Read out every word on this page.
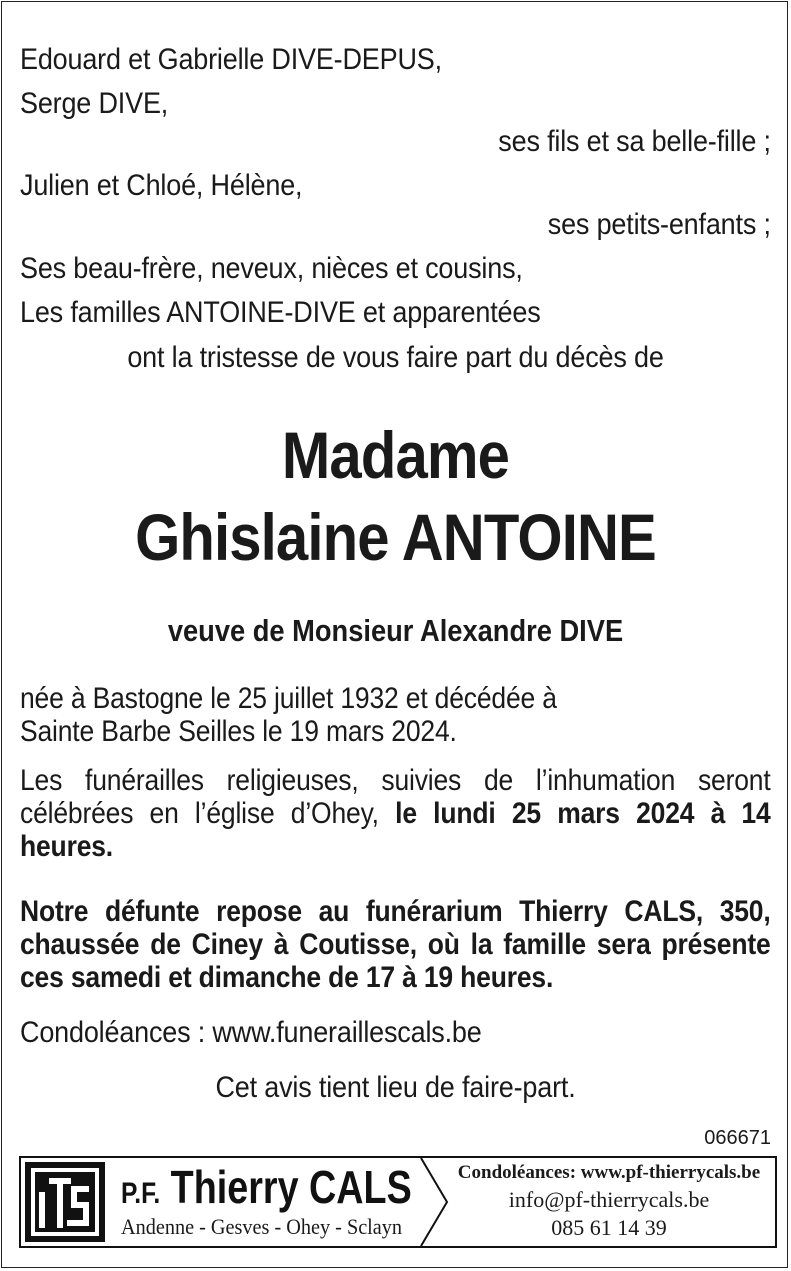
Edouard et Gabrielle DIVE-DEPUS,
Serge DIVE,
ses fils et sa belle-fille ;
Julien et Chloé, Hélène,
ses petits-enfants ;
Ses beau-frère, neveux, nièces et cousins,
Les familles ANTOINE-DIVE et apparentées
ont la tristesse de vous faire part du décès de
Madame
Ghislaine ANTOINE
veuve de Monsieur Alexandre DIVE
née à Bastogne le 25 juillet 1932 et décédée à
Sainte Barbe Seilles le 19 mars 2024.
Les funérailles religieuses, suivies de l’inhumation seront célébrées en l’église d’Ohey, le lundi 25 mars 2024 à 14 heures.
Notre défunte repose au funérarium Thierry CALS, 350, chaussée de Ciney à Coutisse, où la famille sera présente ces samedi et dimanche de 17 à 19 heures.
Condoléances : www.funeraillescals.be
Cet avis tient lieu de faire-part.
066671
P.F. Thierry CALS
Andenne - Gesves - Ohey - Sclayn
Condoléances: www.pf-thierrycals.be
info@pf-thierrycals.be
085 61 14 39
